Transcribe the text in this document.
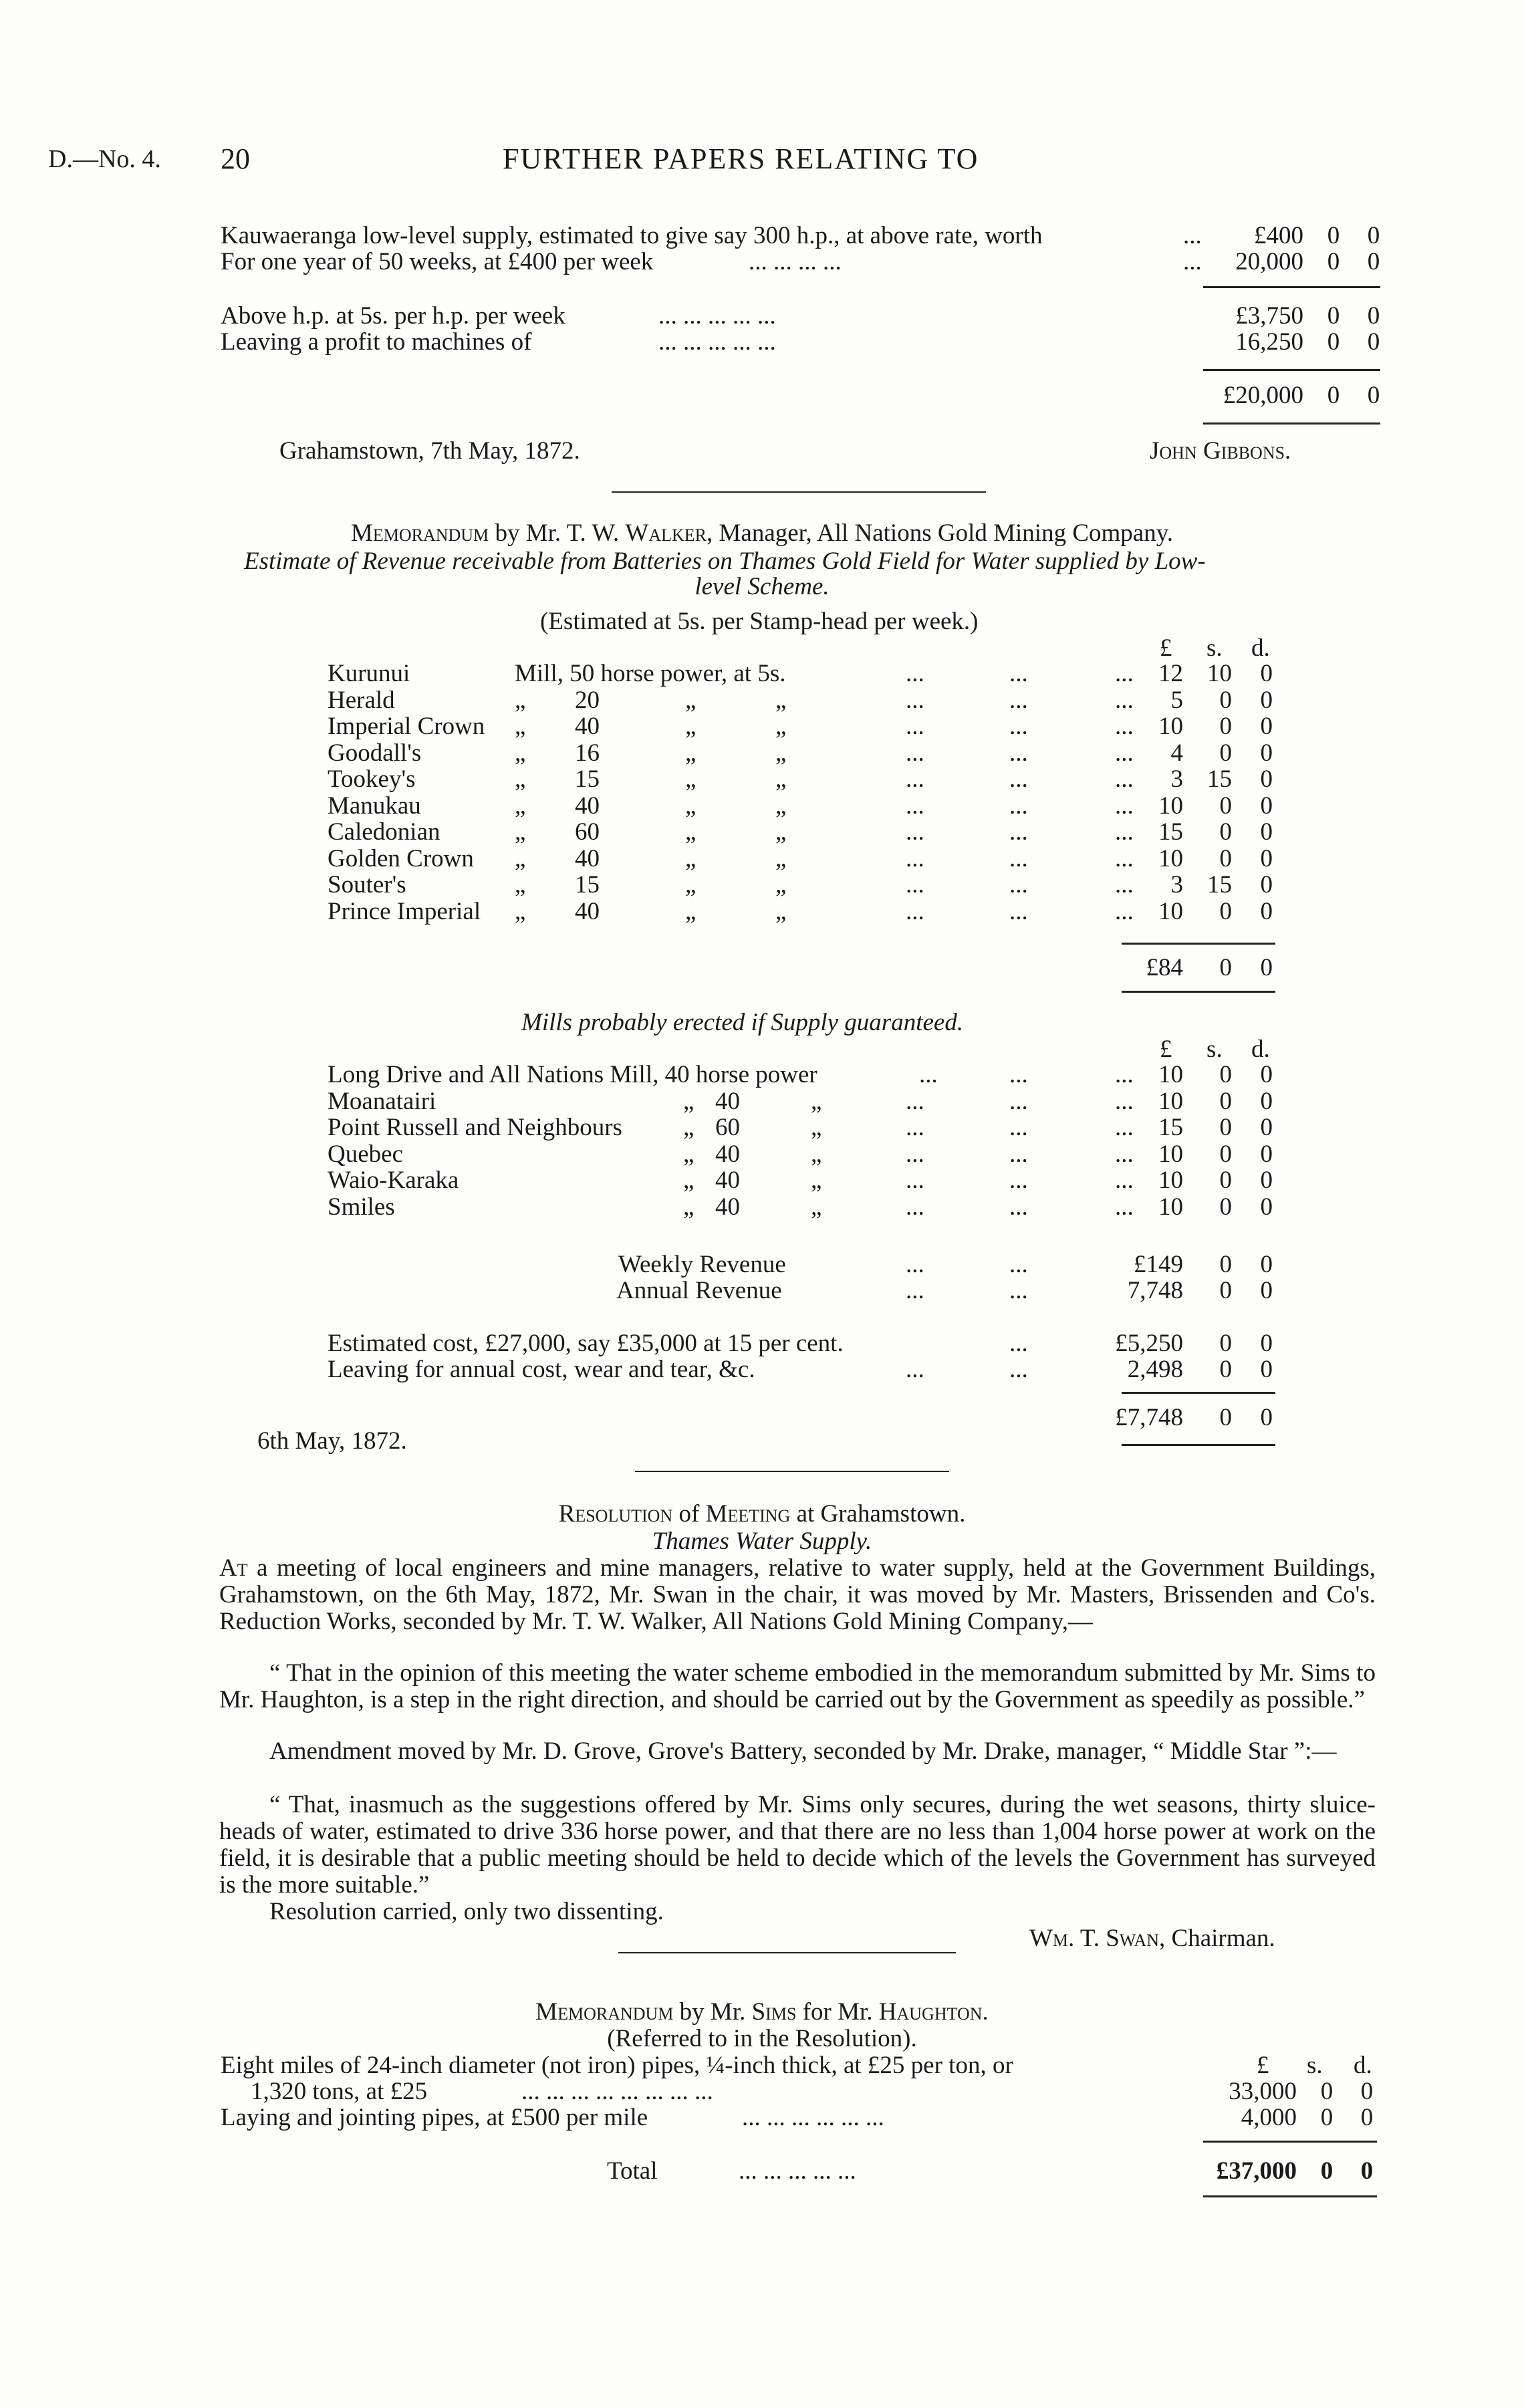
D.—No. 4. 20	FURTHER PAPERS RELATING TO
Kauwaeranga low-level supply, estimated to give say 300 h.p., at above rate, worth	...	£400 0 0
For one year of 50 weeks, at £400 per week	... ... ... ...	...	20,000 0 0
Above h.p. at 5s. per h.p. per week	... ... ... ... ...	£3,750 0 0
Leaving a profit to machines of	... ... ... ... ...	16,250 0 0
£20,000 0 0
Grahamstown, 7th May, 1872.	John Gibbons.
Memorandum by Mr. T. W. Walker, Manager, All Nations Gold Mining Company.
Estimate of Revenue receivable from Batteries on Thames Gold Field for Water supplied by Low-
level Scheme.
(Estimated at 5s. per Stamp-head per week.)
£ s. d.
Kurunui	Mill, 50 horse power, at 5s.	...	...	...	12 10	0
Herald	„ 20	„	„	...	...	...	5	0	0
Imperial Crown „ 40	„	„	...	...	...	10	0	0
Goodall's	„ 16	„	„	...	...	...	4	0	0
Tookey's	„ 15	„	„	...	...	...	3 15	0
Manukau	„ 40	„	„	...	...	...	10	0	0
Caledonian	„ 60	„	„	...	...	...	15	0	0
Golden Crown „ 40	„	„	...	...	...	10	0	0
Souter's	„ 15	„	„	...	...	...	3 15	0
Prince Imperial „ 40	„	„	...	...	...	10	0	0
£84	0	0
Mills probably erected if Supply guaranteed.
£ s. d.
Long Drive and All Nations Mill, 40 horse power	...	...	...	10	0	0
Moanatairi	„ 40	„	...	...	...	10	0	0
Point Russell and Neighbours „ 60	„	...	...	...	15	0	0
Quebec	„ 40	„	...	...	...	10	0	0
Waio-Karaka	„ 40	„	...	...	...	10	0	0
Smiles	„ 40	„	...	...	...	10	0	0
Weekly Revenue	...	...	£149	0	0
Annual Revenue	...	...	7,748	0	0
Estimated cost, £27,000, say £35,000 at 15 per cent.	...	£5,250	0	0
Leaving for annual cost, wear and tear, &c.	...	...	2,498	0	0
£7,748	0	0
6th May, 1872.
Resolution of Meeting at Grahamstown.
Thames Water Supply.
At a meeting of local engineers and mine managers, relative to water supply, held at the Government Buildings, Grahamstown, on the 6th May, 1872, Mr. Swan in the chair, it was moved by Mr. Masters, Brissenden and Co's. Reduction Works, seconded by Mr. T. W. Walker, All Nations Gold Mining Company,—
“ That in the opinion of this meeting the water scheme embodied in the memorandum submitted by Mr. Sims to Mr. Haughton, is a step in the right direction, and should be carried out by the Government as speedily as possible.”
Amendment moved by Mr. D. Grove, Grove's Battery, seconded by Mr. Drake, manager, “ Middle Star ”:—
“ That, inasmuch as the suggestions offered by Mr. Sims only secures, during the wet seasons, thirty sluice-heads of water, estimated to drive 336 horse power, and that there are no less than 1,004 horse power at work on the field, it is desirable that a public meeting should be held to decide which of the levels the Government has surveyed is the more suitable.”
Resolution carried, only two dissenting.
Wm. T. Swan, Chairman.
Memorandum by Mr. Sims for Mr. Haughton.
(Referred to in the Resolution).
Eight miles of 24-inch diameter (not iron) pipes, ¼-inch thick, at £25 per ton, or	£ s. d.
1,320 tons, at £25	... ... ... ... ... ... ... ...	33,000 0 0
Laying and jointing pipes, at £500 per mile	... ... ... ... ... ...	4,000 0 0
Total	... ... ... ... ...	£37,000 0 0
